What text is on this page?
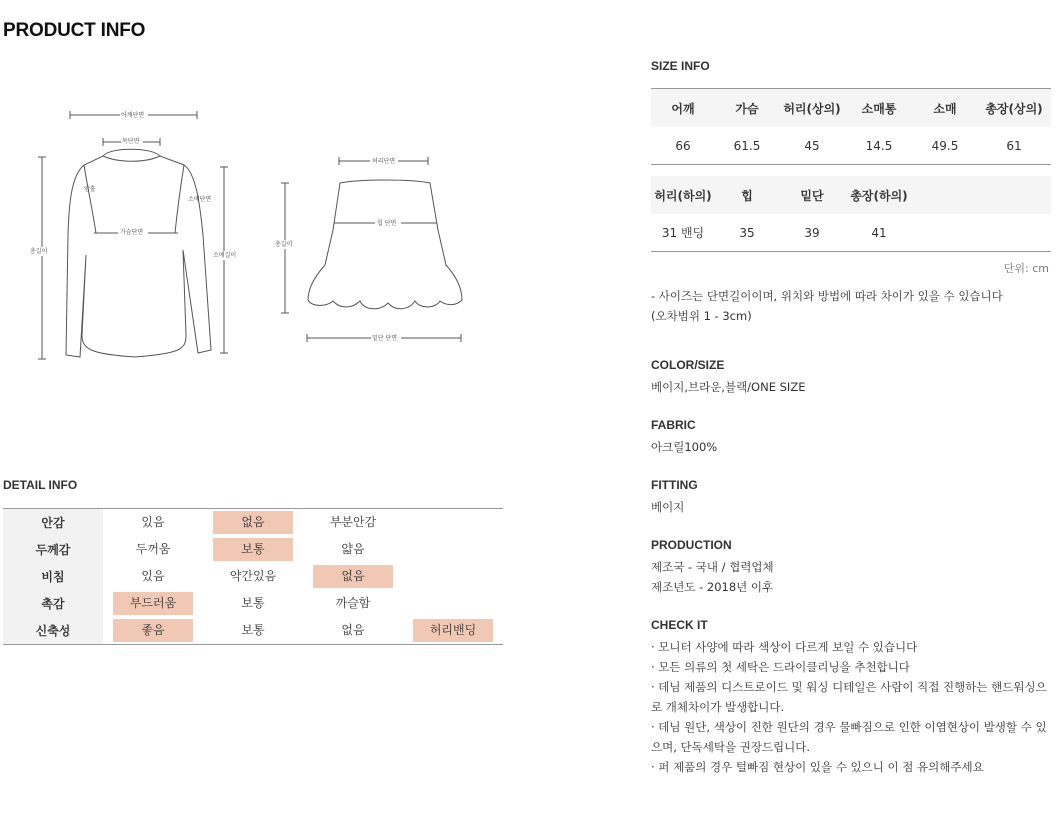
PRODUCT INFO
어깨단면
목단면
암홀
소매단면
가슴단면
총길이
소매길이
허리단면
총길이
힙 단면
밑단 단면
DETAIL INFO
안감	있음	없음	부분안감
두께감	두꺼움	보통	얇음
비침	있음	약간있음	없음
촉감	부드러움	보통	까슬함
신축성	좋음	보통	없음	허리밴딩
SIZE INFO
어깨	가슴	허리(상의)	소매통	소매	총장(상의)
66	61.5	45	14.5	49.5	61
허리(하의)	힙	밑단	총장(하의)
31 밴딩	35	39	41
단위: cm
- 사이즈는 단면길이이며, 위치와 방법에 따라 차이가 있을 수 있습니다
(오차범위 1 - 3cm)
COLOR/SIZE
베이지,브라운,블랙/ONE SIZE
FABRIC
아크릴100%
FITTING
베이지
PRODUCTION
제조국 - 국내 / 협력업체
제조년도 - 2018년 이후
CHECK IT
· 모니터 사양에 따라 색상이 다르게 보일 수 있습니다
· 모든 의류의 첫 세탁은 드라이클리닝을 추천합니다
· 데님 제품의 디스트로이드 및 워싱 디테일은 사람이 직접 진행하는 핸드워싱으로 개체차이가 발생합니다.
· 데님 원단, 색상이 진한 원단의 경우 물빠짐으로 인한 이염현상이 발생할 수 있으며, 단독세탁을 권장드립니다.
· 퍼 제품의 경우 털빠짐 현상이 있을 수 있으니 이 점 유의해주세요
